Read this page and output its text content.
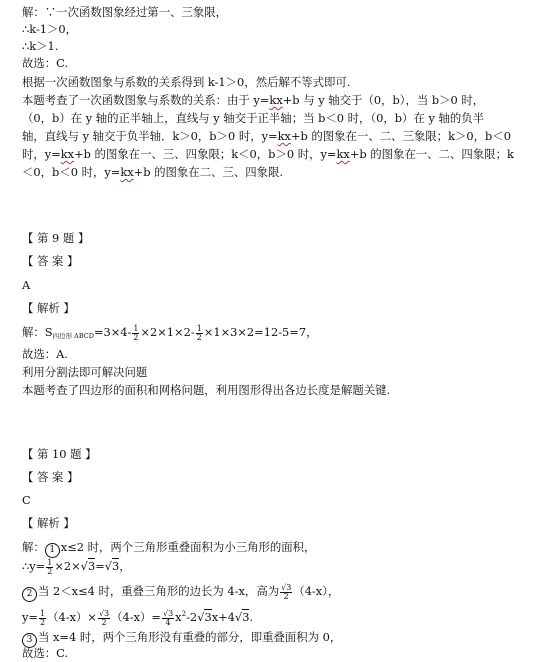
解：∵一次函数图象经过第一、三象限，
∴k-1＞0，
∴k＞1.
故选：C.
根据一次函数图象与系数的关系得到 k-1＞0，然后解不等式即可.
本题考查了一次函数图象与系数的关系：由于 y=kx+b 与 y 轴交于（0，b），当 b＞0 时，
（0，b）在 y 轴的正半轴上，直线与 y 轴交于正半轴；当 b＜0 时，（0，b）在 y 轴的负半
轴，直线与 y 轴交于负半轴．k＞0，b＞0 时，y=kx+b 的图象在一、二、三象限；k＞0，b＜0
时，y=kx+b 的图象在一、三、四象限；k＜0，b＞0 时，y=kx+b 的图象在一、二、四象限；k
＜0，b＜0 时，y=kx+b 的图象在二、三、四象限.
【 第 9 题 】
【 答 案 】
A
【 解析 】
解：$S_{四边形 ABCD}=3\times 4- \frac{1}{2} \times 2\times 1\times 2- \frac{1}{2} \times 1\times 3\times 2=12-5=7$，
故选：A.
利用分割法即可解决问题
本题考查了四边形的面积和网格问题，利用图形得出各边长度是解题关键.
【 第 10 题 】
【 答 案 】
C
【 解析 】
解： 1 x≤2 时，两个三角形重叠面积为小三角形的面积，
∴y= $\frac{1}{2} \times 2\times√3=√3$，
2 当 2＜x≤4 时，重叠三角形的边长为 4-x，高为 $\frac{√3}{2} (4-x)$，
$y= \frac{1}{2} (4-x)\times \frac{√3}{2} (4-x)= \frac{√3}{4} x^2-2√3x+4√3$.
3 当 x=4 时，两个三角形没有重叠的部分，即重叠面积为 0，
故选：C.
